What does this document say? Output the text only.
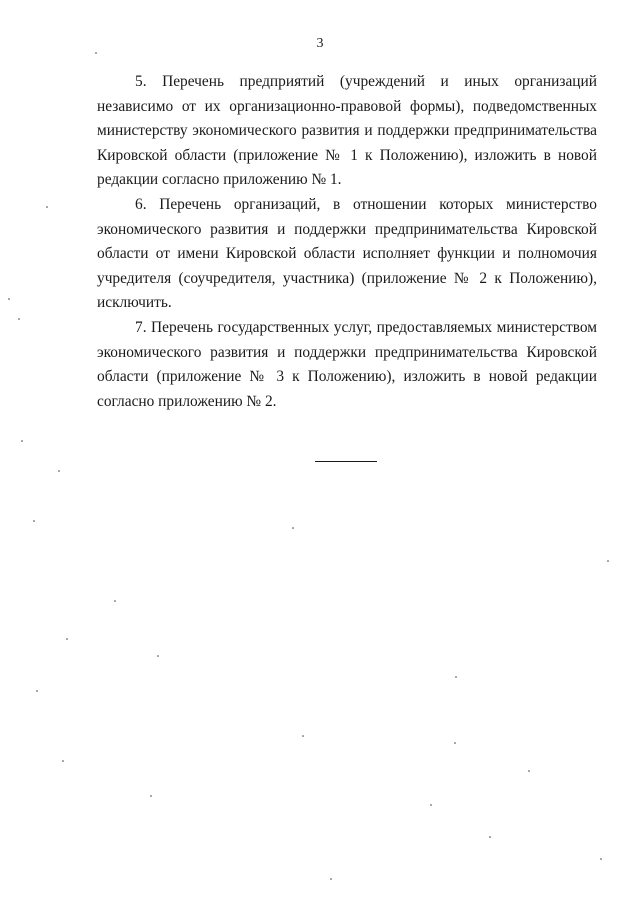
3

5. Перечень предприятий (учреждений и иных организаций независимо от их организационно-правовой формы), подведомственных министерству экономического развития и поддержки предпринимательства Кировской области (приложение № 1 к Положению), изложить в новой редакции согласно приложению № 1.

6. Перечень организаций, в отношении которых министерство экономического развития и поддержки предпринимательства Кировской области от имени Кировской области исполняет функции и полномочия учредителя (соучредителя, участника) (приложение № 2 к Положению), исключить.

7. Перечень государственных услуг, предоставляемых министерством экономического развития и поддержки предпринимательства Кировской области (приложение № 3 к Положению), изложить в новой редакции согласно приложению № 2.
